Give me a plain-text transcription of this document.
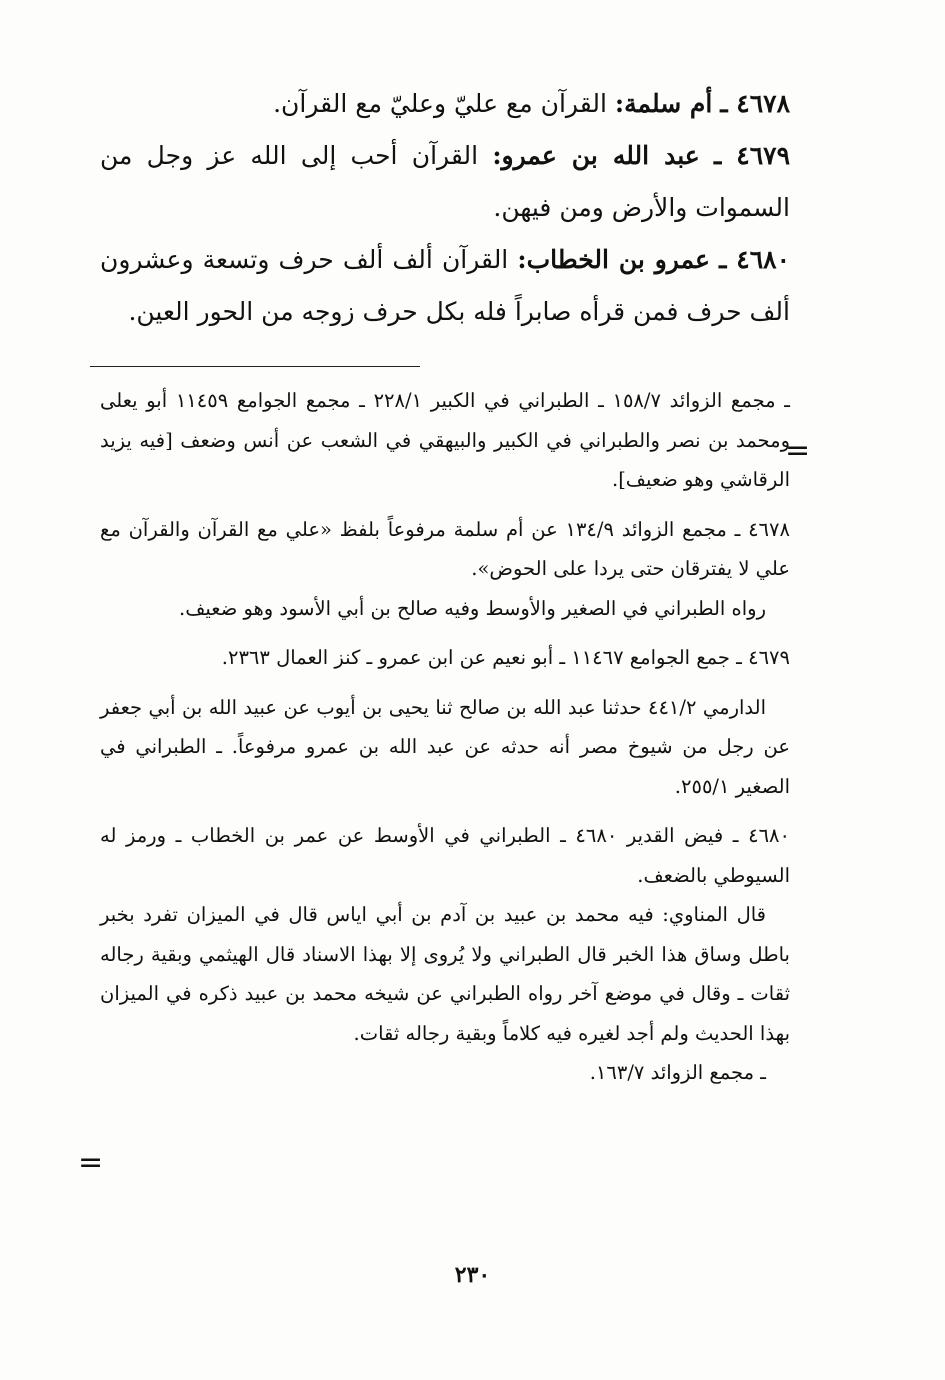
٤٦٧٨ ـ أم سلمة: القرآن مع عليّ وعليّ مع القرآن.
٤٦٧٩ ـ عبد الله بن عمرو: القرآن أحب إلى الله عز وجل من السموات والأرض ومن فيهن.
٤٦٨٠ ـ عمرو بن الخطاب: القرآن ألف ألف حرف وتسعة وعشرون ألف حرف فمن قرأه صابراً فله بكل حرف زوجه من الحور العين.

ـ مجمع الزوائد ١٥٨/٧ ـ الطبراني في الكبير ٢٢٨/١ ـ مجمع الجوامع ١١٤٥٩ أبو يعلى ومحمد بن نصر والطبراني في الكبير والبيهقي في الشعب عن أنس وضعف [فيه يزيد الرقاشي وهو ضعيف].

٤٦٧٨ ـ مجمع الزوائد ١٣٤/٩ عن أم سلمة مرفوعاً بلفظ «علي مع القرآن والقرآن مع علي لا يفترقان حتى يردا على الحوض».

رواه الطبراني في الصغير والأوسط وفيه صالح بن أبي الأسود وهو ضعيف.

٤٦٧٩ ـ جمع الجوامع ١١٤٦٧ ـ أبو نعيم عن ابن عمرو ـ كنز العمال ٢٣٦٣.

الدارمي ٤٤١/٢ حدثنا عبد الله بن صالح ثنا يحيى بن أيوب عن عبيد الله بن أبي جعفر عن رجل من شيوخ مصر أنه حدثه عن عبد الله بن عمرو مرفوعاً. ـ الطبراني في الصغير ٢٥٥/١.

٤٦٨٠ ـ فيض القدير ٤٦٨٠ ـ الطبراني في الأوسط عن عمر بن الخطاب ـ ورمز له السيوطي بالضعف.

قال المناوي: فيه محمد بن عبيد بن آدم بن أبي اياس قال في الميزان تفرد بخبر باطل وساق هذا الخبر قال الطبراني ولا يُروى إلا بهذا الاسناد قال الهيثمي وبقية رجاله ثقات ـ وقال في موضع آخر رواه الطبراني عن شيخه محمد بن عبيد ذكره في الميزان بهذا الحديث ولم أجد لغيره فيه كلاماً وبقية رجاله ثقات.

ـ مجمع الزوائد ١٦٣/٧.

=
=
٢٣٠
